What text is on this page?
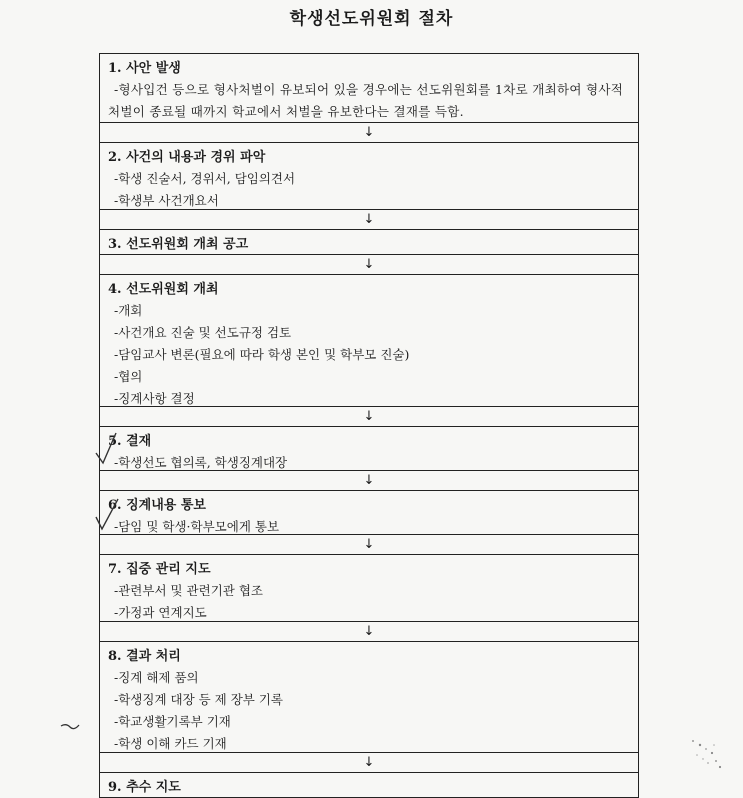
학생선도위원회 절차
1. 사안 발생
-형사입건 등으로 형사처벌이 유보되어 있을 경우에는 선도위원회를 1차로 개최하여 형사적 처벌이 종료될 때까지 학교에서 처벌을 유보한다는 결재를 득함.
↓
2. 사건의 내용과 경위 파악
-학생 진술서, 경위서, 담임의견서
-학생부 사건개요서
↓
3. 선도위원회 개최 공고
↓
4. 선도위원회 개최
-개회
-사건개요 진술 및 선도규정 검토
-담임교사 변론(필요에 따라 학생 본인 및 학부모 진술)
-협의
-징계사항 결정
↓
5. 결재
-학생선도 협의록, 학생징계대장
↓
6. 징계내용 통보
-담임 및 학생·학부모에게 통보
↓
7. 집중 관리 지도
-관련부서 및 관련기관 협조
-가정과 연계지도
↓
8. 결과 처리
-징계 해제 품의
-학생징계 대장 등 제 장부 기록
-학교생활기록부 기재
-학생 이해 카드 기재
↓
9. 추수 지도
